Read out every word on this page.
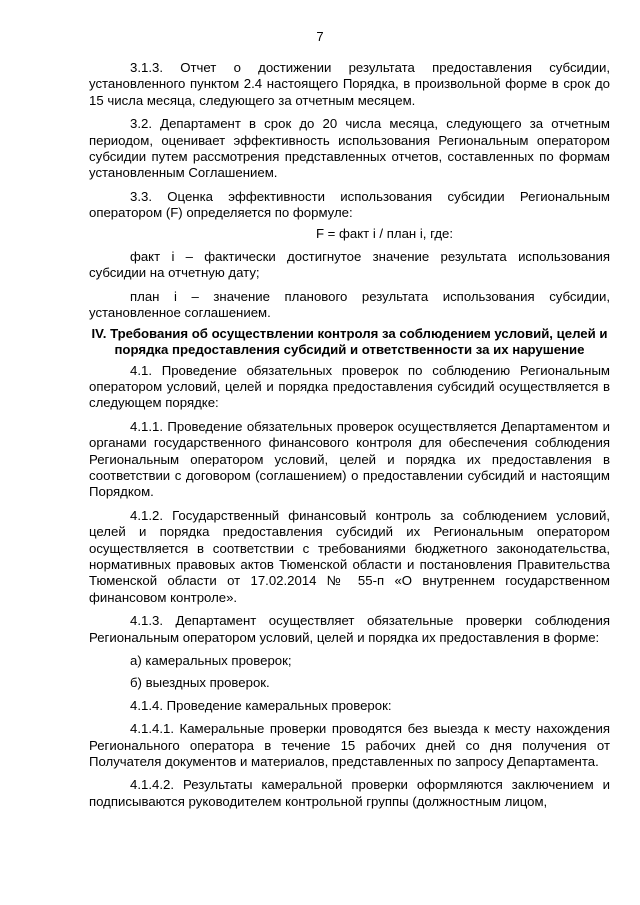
7

3.1.3. Отчет о достижении результата предоставления субсидии, установленного пунктом 2.4 настоящего Порядка, в произвольной форме в срок до 15 числа месяца, следующего за отчетным месяцем.

3.2. Департамент в срок до 20 числа месяца, следующего за отчетным периодом, оценивает эффективность использования Региональным оператором субсидии путем рассмотрения представленных отчетов, составленных по формам установленным Соглашением.

3.3. Оценка эффективности использования субсидии Региональным оператором (F) определяется по формуле:

F = факт i / план i, где:

факт i – фактически достигнутое значение результата использования субсидии на отчетную дату;

план i – значение планового результата использования субсидии, установленное соглашением.

IV. Требования об осуществлении контроля за соблюдением условий, целей и порядка предоставления субсидий и ответственности за их нарушение

4.1. Проведение обязательных проверок по соблюдению Региональным оператором условий, целей и порядка предоставления субсидий осуществляется в следующем порядке:

4.1.1. Проведение обязательных проверок осуществляется Департаментом и органами государственного финансового контроля для обеспечения соблюдения Региональным оператором условий, целей и порядка их предоставления в соответствии с договором (соглашением) о предоставлении субсидий и настоящим Порядком.

4.1.2. Государственный финансовый контроль за соблюдением условий, целей и порядка предоставления субсидий их Региональным оператором осуществляется в соответствии с требованиями бюджетного законодательства, нормативных правовых актов Тюменской области и постановления Правительства Тюменской области от 17.02.2014 № 55-п «О внутреннем государственном финансовом контроле».

4.1.3. Департамент осуществляет обязательные проверки соблюдения Региональным оператором условий, целей и порядка их предоставления в форме:

а) камеральных проверок;

б) выездных проверок.

4.1.4. Проведение камеральных проверок:

4.1.4.1. Камеральные проверки проводятся без выезда к месту нахождения Регионального оператора в течение 15 рабочих дней со дня получения от Получателя документов и материалов, представленных по запросу Департамента.

4.1.4.2. Результаты камеральной проверки оформляются заключением и подписываются руководителем контрольной группы (должностным лицом,
